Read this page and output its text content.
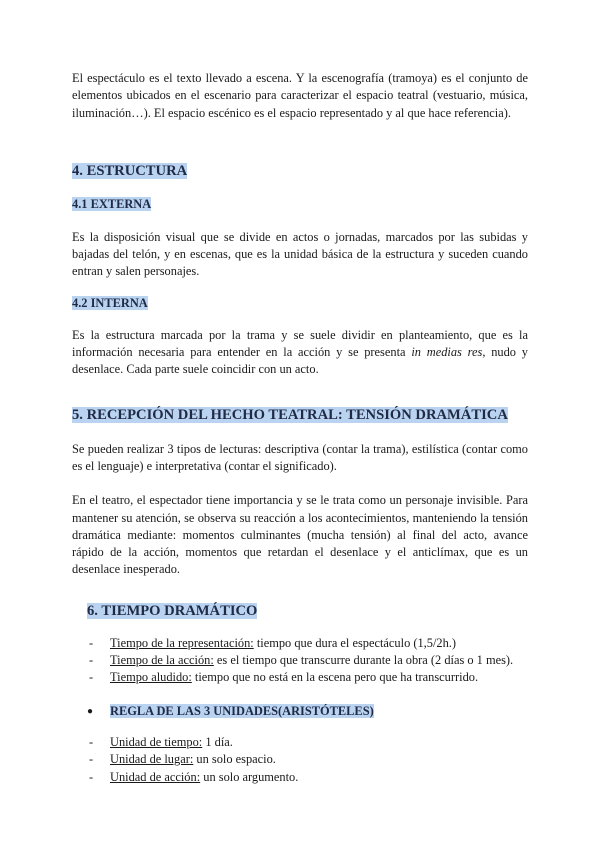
El espectáculo es el texto llevado a escena. Y la escenografía (tramoya) es el conjunto de elementos ubicados en el escenario para caracterizar el espacio teatral (vestuario, música, iluminación…). El espacio escénico es el espacio representado y al que hace referencia).

4. ESTRUCTURA

4.1 EXTERNA

Es la disposición visual que se divide en actos o jornadas, marcados por las subidas y bajadas del telón, y en escenas, que es la unidad básica de la estructura y suceden cuando entran y salen personajes.

4.2 INTERNA

Es la estructura marcada por la trama y se suele dividir en planteamiento, que es la información necesaria para entender en la acción y se presenta in medias res, nudo y desenlace. Cada parte suele coincidir con un acto.

5. RECEPCIÓN DEL HECHO TEATRAL: TENSIÓN DRAMÁTICA

Se pueden realizar 3 tipos de lecturas: descriptiva (contar la trama), estilística (contar como es el lenguaje) e interpretativa (contar el significado).

En el teatro, el espectador tiene importancia y se le trata como un personaje invisible. Para mantener su atención, se observa su reacción a los acontecimientos, manteniendo la tensión dramática mediante: momentos culminantes (mucha tensión) al final del acto, avance rápido de la acción, momentos que retardan el desenlace y el anticlímax, que es un desenlace inesperado.

6. TIEMPO DRAMÁTICO

- Tiempo de la representación: tiempo que dura el espectáculo (1,5/2h.)
- Tiempo de la acción: es el tiempo que transcurre durante la obra (2 días o 1 mes).
- Tiempo aludido: tiempo que no está en la escena pero que ha transcurrido.

● REGLA DE LAS 3 UNIDADES(ARISTÓTELES)

- Unidad de tiempo: 1 día.
- Unidad de lugar: un solo espacio.
- Unidad de acción: un solo argumento.
